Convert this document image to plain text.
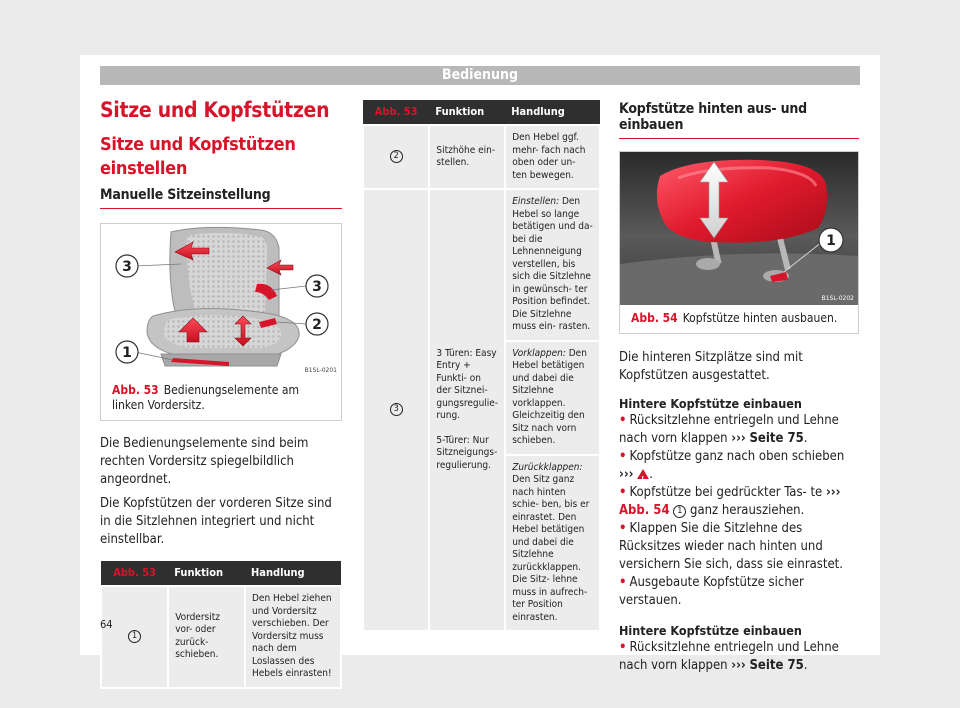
Bedienung
Sitze und Kopfstützen
Sitze und Kopfstützen einstellen
Manuelle Sitzeinstellung
3
3
2
1
B1SL-0201
Abb. 53 Bedienungselemente am linken Vordersitz.

Die Bedienungselemente sind beim rechten Vordersitz spiegelbildlich angeordnet.

Die Kopfstützen der vorderen Sitze sind in die Sitzlehnen integriert und nicht einstellbar.

Abb. 53	Funktion	Handlung
1	Vordersitz vor- oder zurück- schieben.	Den Hebel ziehen und Vordersitz verschieben. Der Vordersitz muss nach dem Loslassen des Hebels einrasten!
Abb. 53	Funktion	Handlung
2	Sitzhöhe ein- stellen.	Den Hebel ggf. mehr- fach nach oben oder un- ten bewegen.
3	3 Türen: Easy Entry + Funkti- on der Sitznei- gungsregulie- rung.
5-Türer: Nur Sitzneigungs- regulierung.	Einstellen: Den Hebel so lange betätigen und da- bei die Lehnenneigung verstellen, bis sich die Sitzlehne in gewünsch- ter Position befindet. Die Sitzlehne muss ein- rasten.
		Vorklappen: Den Hebel betätigen und dabei die Sitzlehne vorklappen. Gleichzeitig den Sitz nach vorn schieben.
		Zurückklappen: Den Sitz ganz nach hinten schie- ben, bis er einrastet. Den Hebel betätigen und dabei die Sitzlehne zurückklappen. Die Sitz- lehne muss in aufrech- ter Position einrasten.
Kopfstütze hinten aus- und einbauen
1
B1SL-0202
Abb. 54 Kopfstütze hinten ausbauen.

Die hinteren Sitzplätze sind mit Kopfstützen ausgestattet.

Hintere Kopfstütze einbauen

• Rücksitzlehne entriegeln und Lehne nach vorn klappen ››› Seite 75.
• Kopfstütze ganz nach oben schieben ››› ! .
• Kopfstütze bei gedrückter Tas- te ››› Abb. 54 1 ganz herausziehen.
• Klappen Sie die Sitzlehne des Rücksitzes wieder nach hinten und versichern Sie sich, dass sie einrastet.
• Ausgebaute Kopfstütze sicher verstauen.

Hintere Kopfstütze einbauen

• Rücksitzlehne entriegeln und Lehne nach vorn klappen ››› Seite 75.
64
